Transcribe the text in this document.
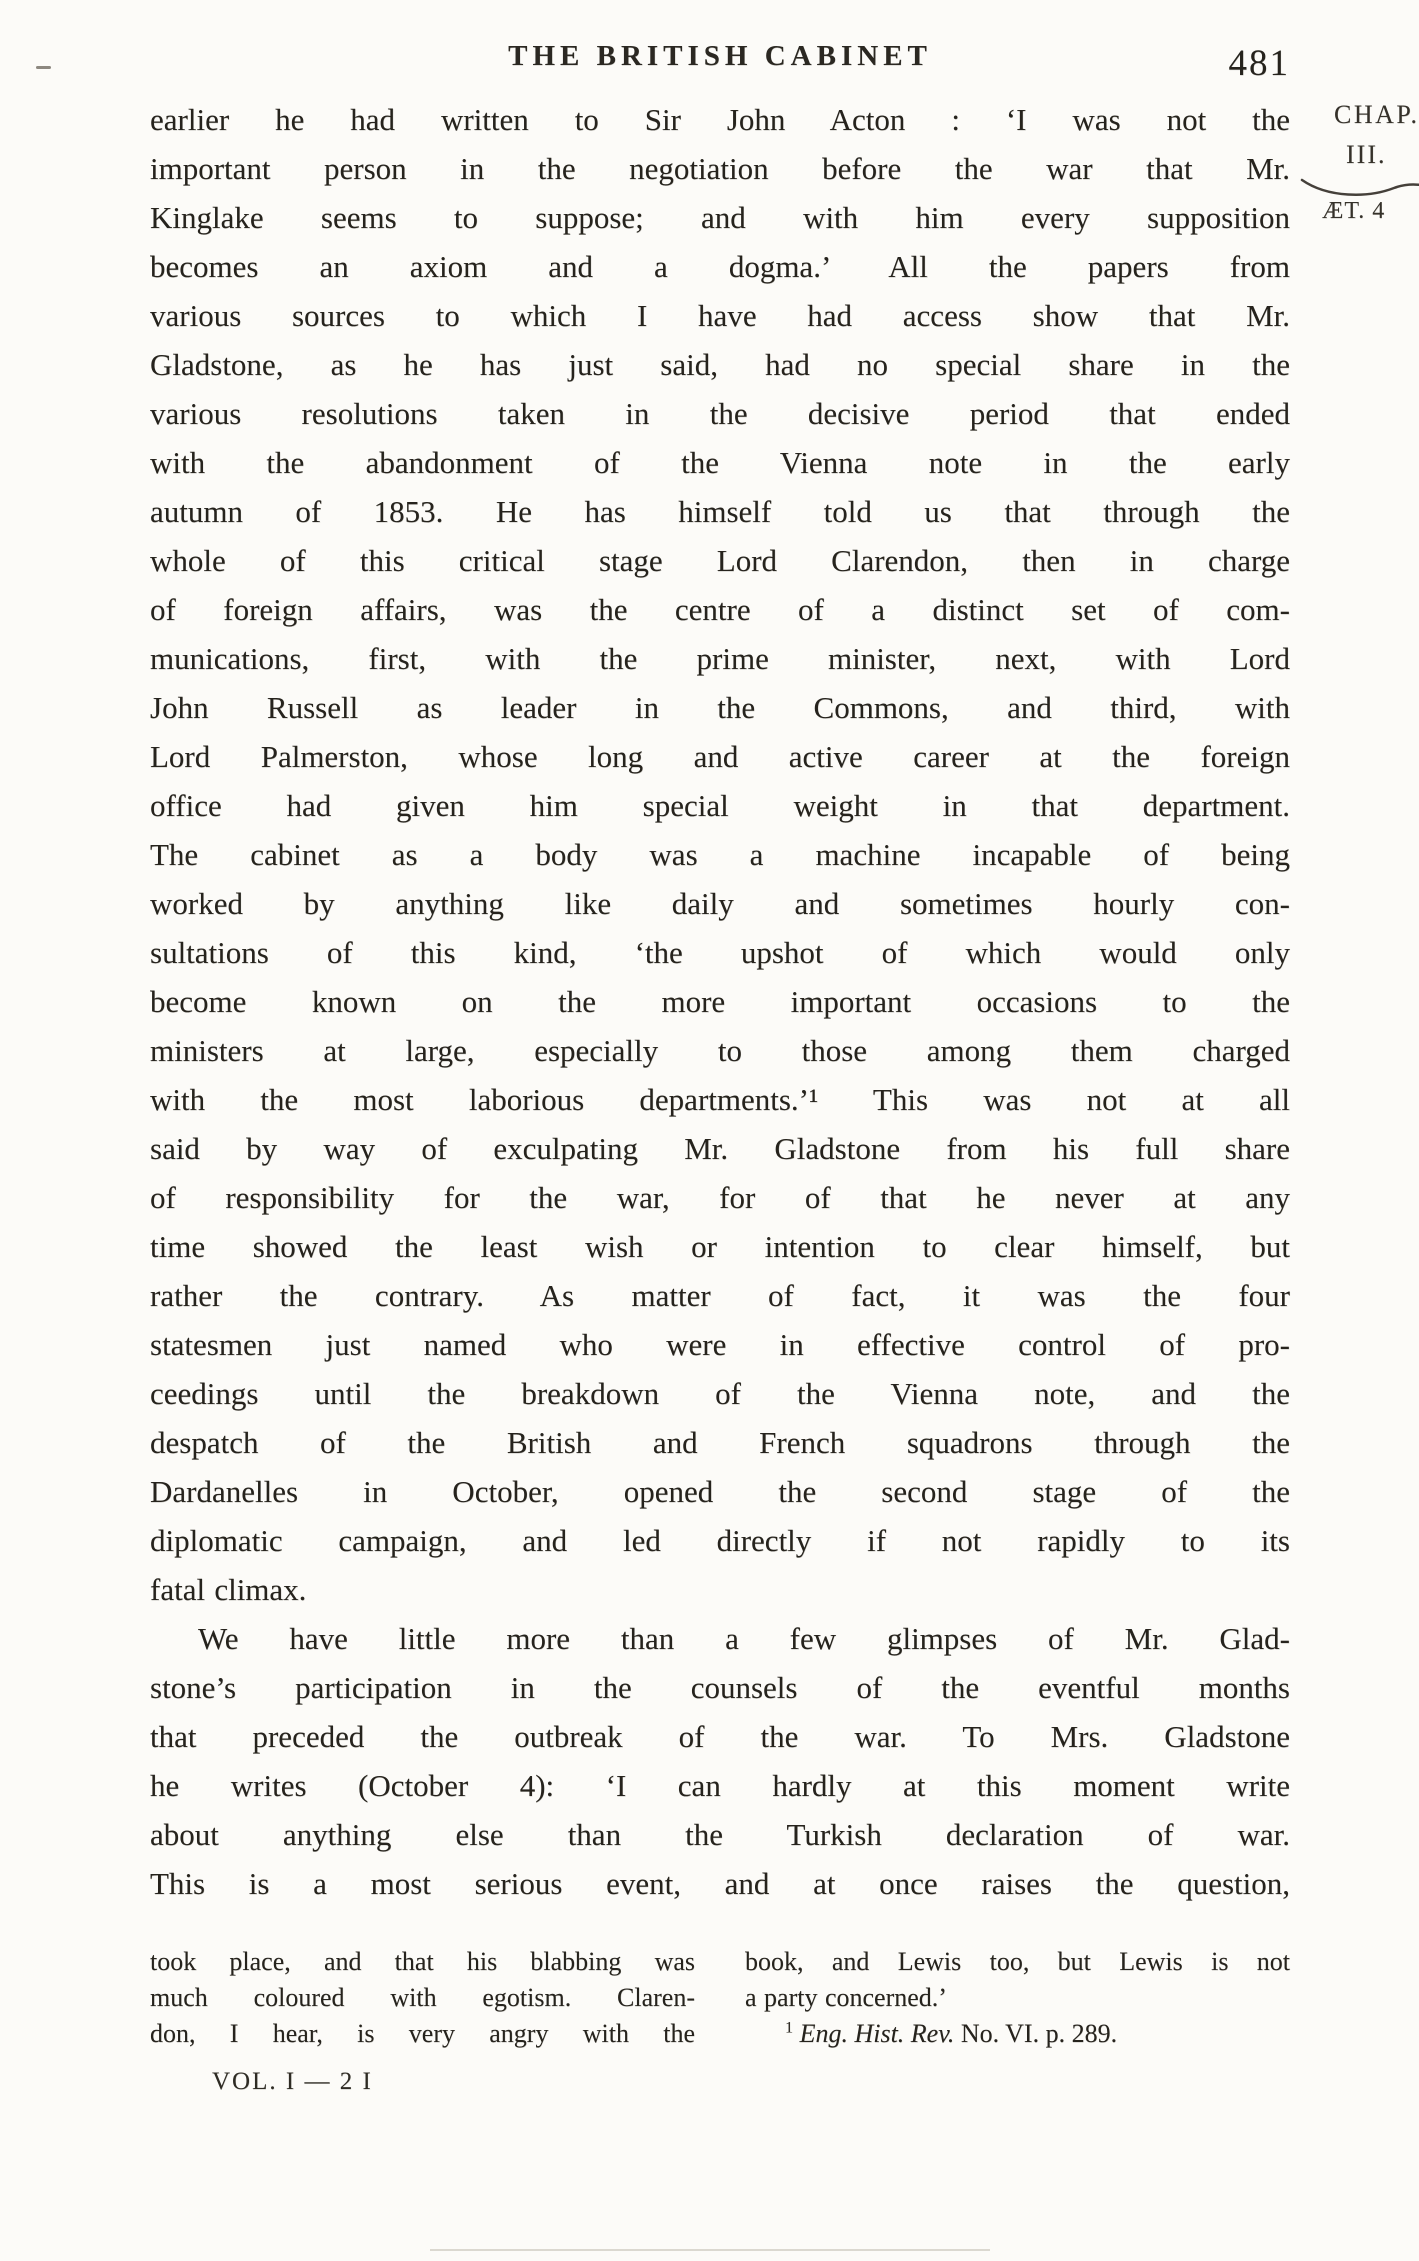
THE BRITISH CABINET	481
CHAP.
III.
ÆT. 4
earlier he had written to Sir John Acton : ‘I was not the
important person in the negotiation before the war that Mr.
Kinglake seems to suppose; and with him every supposition
becomes an axiom and a dogma.’ All the papers from
various sources to which I have had access show that Mr.
Gladstone, as he has just said, had no special share in the
various resolutions taken in the decisive period that ended
with the abandonment of the Vienna note in the early
autumn of 1853. He has himself told us that through the
whole of this critical stage Lord Clarendon, then in charge
of foreign affairs, was the centre of a distinct set of com-
munications, first, with the prime minister, next, with Lord
John Russell as leader in the Commons, and third, with
Lord Palmerston, whose long and active career at the foreign
office had given him special weight in that department.
The cabinet as a body was a machine incapable of being
worked by anything like daily and sometimes hourly con-
sultations of this kind, ‘the upshot of which would only
become known on the more important occasions to the
ministers at large, especially to those among them charged
with the most laborious departments.’¹ This was not at all
said by way of exculpating Mr. Gladstone from his full share
of responsibility for the war, for of that he never at any
time showed the least wish or intention to clear himself, but
rather the contrary. As matter of fact, it was the four
statesmen just named who were in effective control of pro-
ceedings until the breakdown of the Vienna note, and the
despatch of the British and French squadrons through the
Dardanelles in October, opened the second stage of the
diplomatic campaign, and led directly if not rapidly to its
fatal climax.
We have little more than a few glimpses of Mr. Glad-
stone’s participation in the counsels of the eventful months
that preceded the outbreak of the war. To Mrs. Gladstone
he writes (October 4): ‘I can hardly at this moment write
about anything else than the Turkish declaration of war.
This is a most serious event, and at once raises the question,
took place, and that his blabbing was
much coloured with egotism. Claren-
don, I hear, is very angry with the
VOL. I — 2 I
book, and Lewis too, but Lewis is not
a party concerned.’
$^1$ Eng. Hist. Rev. No. VI. p. 289.
